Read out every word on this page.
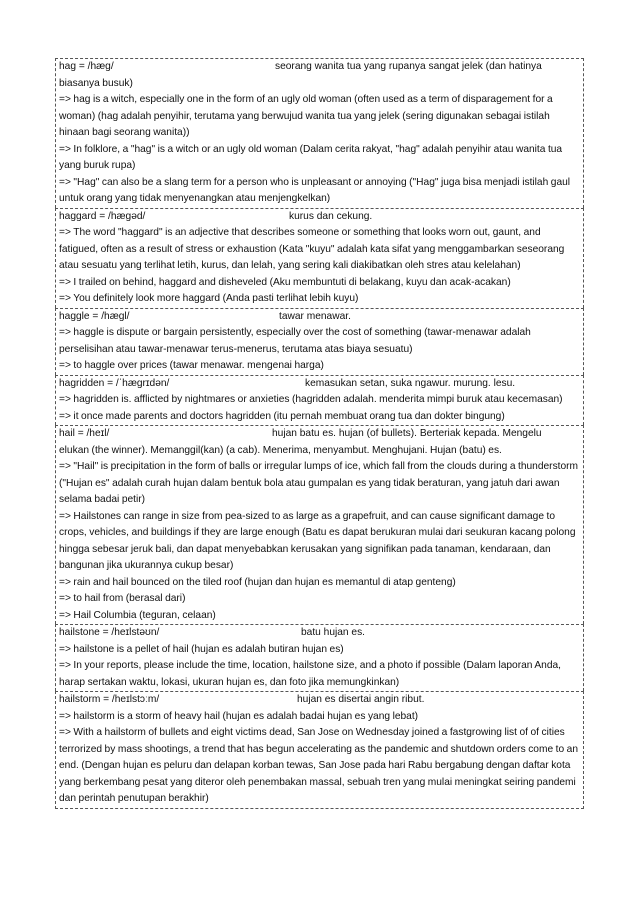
hag = /hæg/	seorang wanita tua yang rupanya sangat jelek (dan hatinya
biasanya busuk)
=> hag is a witch, especially one in the form of an ugly old woman (often used as a term of disparagement for a woman) (hag adalah penyihir, terutama yang berwujud wanita tua yang jelek (sering digunakan sebagai istilah hinaan bagi seorang wanita))
=> In folklore, a "hag" is a witch or an ugly old woman (Dalam cerita rakyat, "hag" adalah penyihir atau wanita tua yang buruk rupa)
=> "Hag" can also be a slang term for a person who is unpleasant or annoying ("Hag" juga bisa menjadi istilah gaul untuk orang yang tidak menyenangkan atau menjengkelkan)
haggard = /hægəd/	kurus dan cekung.
=> The word "haggard" is an adjective that describes someone or something that looks worn out, gaunt, and fatigued, often as a result of stress or exhaustion (Kata "kuyu" adalah kata sifat yang menggambarkan seseorang atau sesuatu yang terlihat letih, kurus, dan lelah, yang sering kali diakibatkan oleh stres atau kelelahan)
=> I trailed on behind, haggard and disheveled (Aku membuntuti di belakang, kuyu dan acak-acakan)
=> You definitely look more haggard (Anda pasti terlihat lebih kuyu)
haggle = /hægl/	tawar menawar.
=> haggle is dispute or bargain persistently, especially over the cost of something (tawar-menawar adalah perselisihan atau tawar-menawar terus-menerus, terutama atas biaya sesuatu)
=> to haggle over prices (tawar menawar. mengenai harga)
hagridden = /ˈhægrɪdən/	kemasukan setan, suka ngawur. murung. lesu.
=> hagridden is. afflicted by nightmares or anxieties (hagridden adalah. menderita mimpi buruk atau kecemasan)
=> it once made parents and doctors hagridden (itu pernah membuat orang tua dan dokter bingung)
hail = /heɪl/	hujan batu es. hujan (of bullets). Berteriak kepada. Mengelu
elukan (the winner). Memanggil(kan) (a cab). Menerima, menyambut. Menghujani. Hujan (batu) es.
=> "Hail" is precipitation in the form of balls or irregular lumps of ice, which fall from the clouds during a thunderstorm ("Hujan es" adalah curah hujan dalam bentuk bola atau gumpalan es yang tidak beraturan, yang jatuh dari awan selama badai petir)
=> Hailstones can range in size from pea-sized to as large as a grapefruit, and can cause significant damage to crops, vehicles, and buildings if they are large enough (Batu es dapat berukuran mulai dari seukuran kacang polong hingga sebesar jeruk bali, dan dapat menyebabkan kerusakan yang signifikan pada tanaman, kendaraan, dan bangunan jika ukurannya cukup besar)
=> rain and hail bounced on the tiled roof (hujan dan hujan es memantul di atap genteng)
=> to hail from (berasal dari)
=> Hail Columbia (teguran, celaan)
hailstone = /heɪlstəʊn/	batu hujan es.
=> hailstone is a pellet of hail (hujan es adalah butiran hujan es)
=> In your reports, please include the time, location, hailstone size, and a photo if possible (Dalam laporan Anda, harap sertakan waktu, lokasi, ukuran hujan es, dan foto jika memungkinkan)
hailstorm = /heɪlstɔːm/	hujan es disertai angin ribut.
=> hailstorm is a storm of heavy hail (hujan es adalah badai hujan es yang lebat)
=> With a hailstorm of bullets and eight victims dead, San Jose on Wednesday joined a fastgrowing list of of cities terrorized by mass shootings, a trend that has begun accelerating as the pandemic and shutdown orders come to an end. (Dengan hujan es peluru dan delapan korban tewas, San Jose pada hari Rabu bergabung dengan daftar kota yang berkembang pesat yang diteror oleh penembakan massal, sebuah tren yang mulai meningkat seiring pandemi dan perintah penutupan berakhir)
